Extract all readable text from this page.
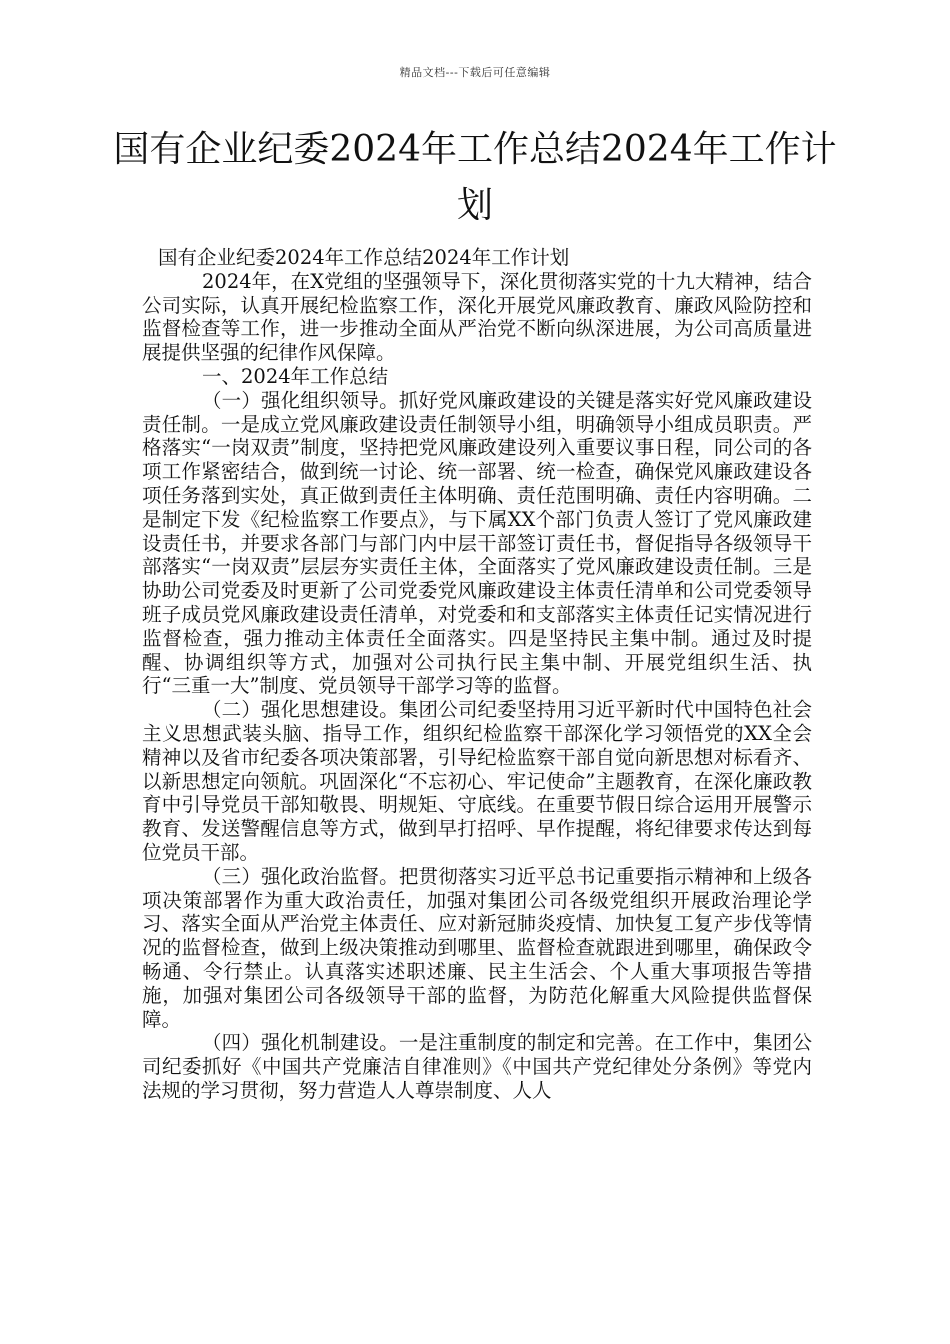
精品文档---下载后可任意编辑
国有企业纪委2024年工作总结2024年工作计划

国有企业纪委2024年工作总结2024年工作计划

2024年，在X党组的坚强领导下，深化贯彻落实党的十九大精神，结合公司实际，认真开展纪检监察工作，深化开展党风廉政教育、廉政风险防控和监督检查等工作，进一步推动全面从严治党不断向纵深进展，为公司高质量进展提供坚强的纪律作风保障。

一、2024年工作总结

（一）强化组织领导。抓好党风廉政建设的关键是落实好党风廉政建设责任制。一是成立党风廉政建设责任制领导小组，明确领导小组成员职责。严格落实“一岗双责”制度，坚持把党风廉政建设列入重要议事日程，同公司的各项工作紧密结合，做到统一讨论、统一部署、统一检查，确保党风廉政建设各项任务落到实处，真正做到责任主体明确、责任范围明确、责任内容明确。二是制定下发《纪检监察工作要点》，与下属XX个部门负责人签订了党风廉政建设责任书，并要求各部门与部门内中层干部签订责任书，督促指导各级领导干部落实“一岗双责”层层夯实责任主体，全面落实了党风廉政建设责任制。三是协助公司党委及时更新了公司党委党风廉政建设主体责任清单和公司党委领导班子成员党风廉政建设责任清单，对党委和和支部落实主体责任记实情况进行监督检查，强力推动主体责任全面落实。四是坚持民主集中制。通过及时提醒、协调组织等方式，加强对公司执行民主集中制、开展党组织生活、执行“三重一大”制度、党员领导干部学习等的监督。

（二）强化思想建设。集团公司纪委坚持用习近平新时代中国特色社会主义思想武装头脑、指导工作，组织纪检监察干部深化学习领悟党的XX全会精神以及省市纪委各项决策部署，引导纪检监察干部自觉向新思想对标看齐、以新思想定向领航。巩固深化“不忘初心、牢记使命”主题教育，在深化廉政教育中引导党员干部知敬畏、明规矩、守底线。在重要节假日综合运用开展警示教育、发送警醒信息等方式，做到早打招呼、早作提醒，将纪律要求传达到每位党员干部。

（三）强化政治监督。把贯彻落实习近平总书记重要指示精神和上级各项决策部署作为重大政治责任，加强对集团公司各级党组织开展政治理论学习、落实全面从严治党主体责任、应对新冠肺炎疫情、加快复工复产步伐等情况的监督检查，做到上级决策推动到哪里、监督检查就跟进到哪里，确保政令畅通、令行禁止。认真落实述职述廉、民主生活会、个人重大事项报告等措施，加强对集团公司各级领导干部的监督，为防范化解重大风险提供监督保障。

（四）强化机制建设。一是注重制度的制定和完善。在工作中，集团公司纪委抓好《中国共产党廉洁自律准则》《中国共产党纪律处分条例》等党内法规的学习贯彻，努力营造人人尊崇制度、人人
